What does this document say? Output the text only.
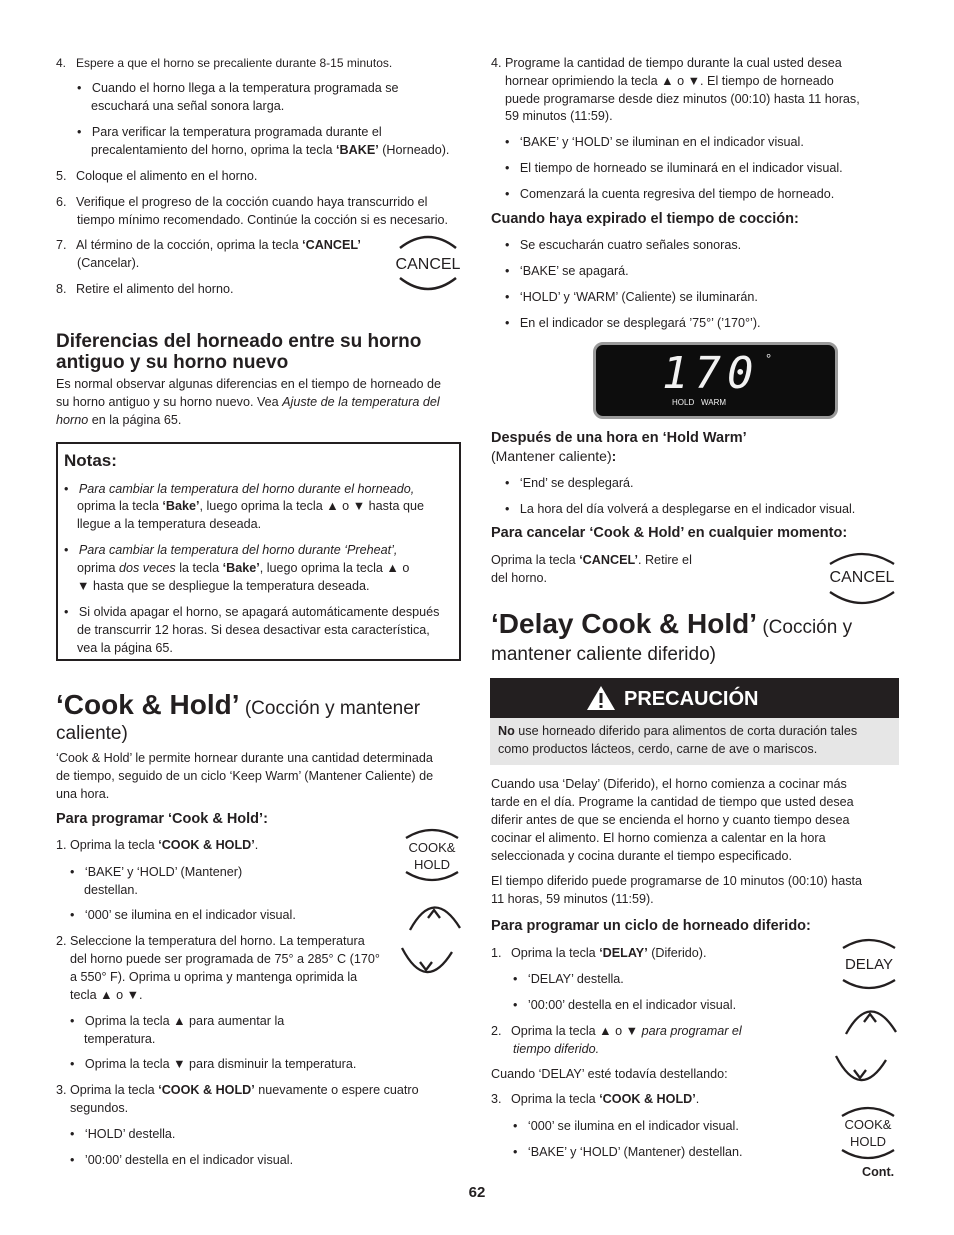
4. Espere a que el horno se precaliente durante 8-15 minutos.
•   Cuando el horno llega a la temperatura programada se
escuchará una señal sonora larga.
•   Para verificar la temperatura programada durante el
precalentamiento del horno, oprima la tecla ‘BAKE’ (Horneado).
5. Coloque el alimento en el horno.
6. Verifique el progreso de la cocción cuando haya transcurrido el
tiempo mínimo recomendado. Continúe la cocción si es necesario.
7. Al término de la cocción, oprima la tecla ‘CANCEL’
(Cancelar).
8. Retire el alimento del horno.
CANCEL
Diferencias del horneado entre su horno
antiguo y su horno nuevo
Es normal observar algunas diferencias en el tiempo de horneado de
su horno antiguo y su horno nuevo. Vea Ajuste de la temperatura del
horno en la página 65.
Notas:
•   Para cambiar la temperatura del horno durante el horneado,
oprima la tecla ‘Bake’, luego oprima la tecla ▲ o ▼ hasta que
llegue a la temperatura deseada.
•   Para cambiar la temperatura del horno durante ‘Preheat’,
oprima dos veces la tecla ‘Bake’, luego oprima la tecla ▲ o
▼ hasta que se despliegue la temperatura deseada.
•   Si olvida apagar el horno, se apagará automáticamente después
de transcurrir 12 horas. Si desea desactivar esta característica,
vea la página 65.
‘Cook & Hold’ (Cocción y mantener
caliente)
‘Cook & Hold’ le permite hornear durante una cantidad determinada
de tiempo, seguido de un ciclo ‘Keep Warm’ (Mantener Caliente) de
una hora.
Para programar ‘Cook & Hold’:
1. Oprima la tecla ‘COOK & HOLD’.
•   ‘BAKE’ y ‘HOLD’ (Mantener)
destellan.
•   ‘000’ se ilumina en el indicador visual.
2. Seleccione la temperatura del horno. La temperatura
del horno puede ser programada de 75° a 285° C (170°
a 550° F). Oprima u oprima y mantenga oprimida la
tecla ▲ o ▼.
•   Oprima la tecla ▲ para aumentar la
temperatura.
•   Oprima la tecla ▼ para disminuir la temperatura.
3. Oprima la tecla ‘COOK & HOLD’ nuevamente o espere cuatro
segundos.
•   ‘HOLD’ destella.
•   ’00:00’ destella en el indicador visual.
COOK&
HOLD
4. Programe la cantidad de tiempo durante la cual usted desea
hornear oprimiendo la tecla ▲ o ▼. El tiempo de horneado
puede programarse desde diez minutos (00:10) hasta 11 horas,
59 minutos (11:59).
•   ‘BAKE’ y ‘HOLD’ se iluminan en el indicador visual.
•   El tiempo de horneado se iluminará en el indicador visual.
•   Comenzará la cuenta regresiva del tiempo de horneado.
Cuando haya expirado el tiempo de cocción:
•   Se escucharán cuatro señales sonoras.
•   ‘BAKE’ se apagará.
•   ‘HOLD’ y ‘WARM’ (Caliente) se iluminarán.
•   En el indicador se desplegará ’75°’ (’170°’).
170 °
HOLD WARM
Después de una hora en ‘Hold Warm’
(Mantener caliente):
•   ‘End’ se desplegará.
•   La hora del día volverá a desplegarse en el indicador visual.
Para cancelar ‘Cook & Hold’ en cualquier momento:
Oprima la tecla ‘CANCEL’. Retire el
del horno.	CANCEL
‘Delay Cook & Hold’ (Cocción y
mantener caliente diferido)
PRECAUCIÓN
No use horneado diferido para alimentos de corta duración tales
como productos lácteos, cerdo, carne de ave o mariscos.
Cuando usa ‘Delay’ (Diferido), el horno comienza a cocinar más
tarde en el día. Programe la cantidad de tiempo que usted desea
diferir antes de que se encienda el horno y cuanto tiempo desea
cocinar el alimento. El horno comienza a calentar en la hora
seleccionada y cocina durante el tiempo especificado.
El tiempo diferido puede programarse de 10 minutos (00:10) hasta
11 horas, 59 minutos (11:59).
Para programar un ciclo de horneado diferido:
1. Oprima la tecla ‘DELAY’ (Diferido).
•   ‘DELAY’ destella.
•   ’00:00’ destella en el indicador visual.
2. Oprima la tecla ▲ o ▼ para programar el
tiempo diferido.
Cuando ‘DELAY’ esté todavía destellando:
3. Oprima la tecla ‘COOK & HOLD’.
•   ‘000’ se ilumina en el indicador visual.
•   ‘BAKE’ y ‘HOLD’ (Mantener) destellan.
Cont.
DELAY
COOK&
HOLD
62
